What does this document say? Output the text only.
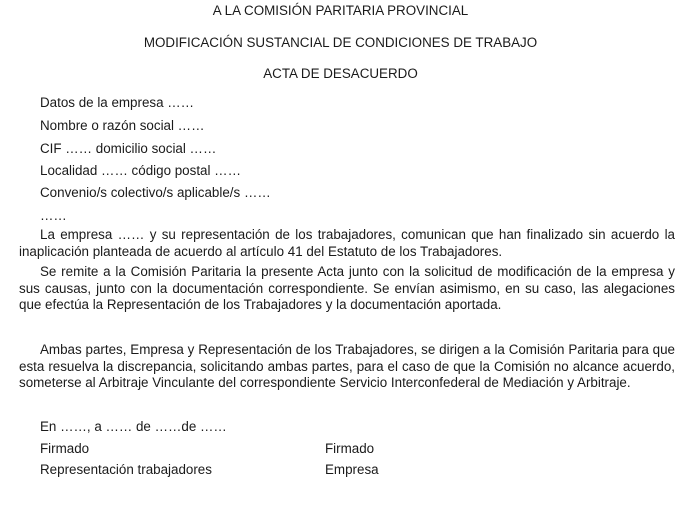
A LA COMISIÓN PARITARIA PROVINCIAL
MODIFICACIÓN SUSTANCIAL DE CONDICIONES DE TRABAJO
ACTA DE DESACUERDO
Datos de la empresa ……
Nombre o razón social ……
CIF …… domicilio social ……
Localidad …… código postal ……
Convenio/s colectivo/s aplicable/s ……
……
La empresa …… y su representación de los trabajadores, comunican que han finalizado sin acuerdo la inaplicación planteada de acuerdo al artículo 41 del Estatuto de los Trabajadores.
Se remite a la Comisión Paritaria la presente Acta junto con la solicitud de modificación de la empresa y sus causas, junto con la documentación correspondiente. Se envían asimismo, en su caso, las alegaciones que efectúa la Representación de los Trabajadores y la documentación aportada.
Ambas partes, Empresa y Representación de los Trabajadores, se dirigen a la Comisión Paritaria para que esta resuelva la discrepancia, solicitando ambas partes, para el caso de que la Comisión no alcance acuerdo, someterse al Arbitraje Vinculante del correspondiente Servicio Interconfederal de Mediación y Arbitraje.
En ……, a …… de ……de ……
Firmado
Representación trabajadores
Firmado
Empresa
